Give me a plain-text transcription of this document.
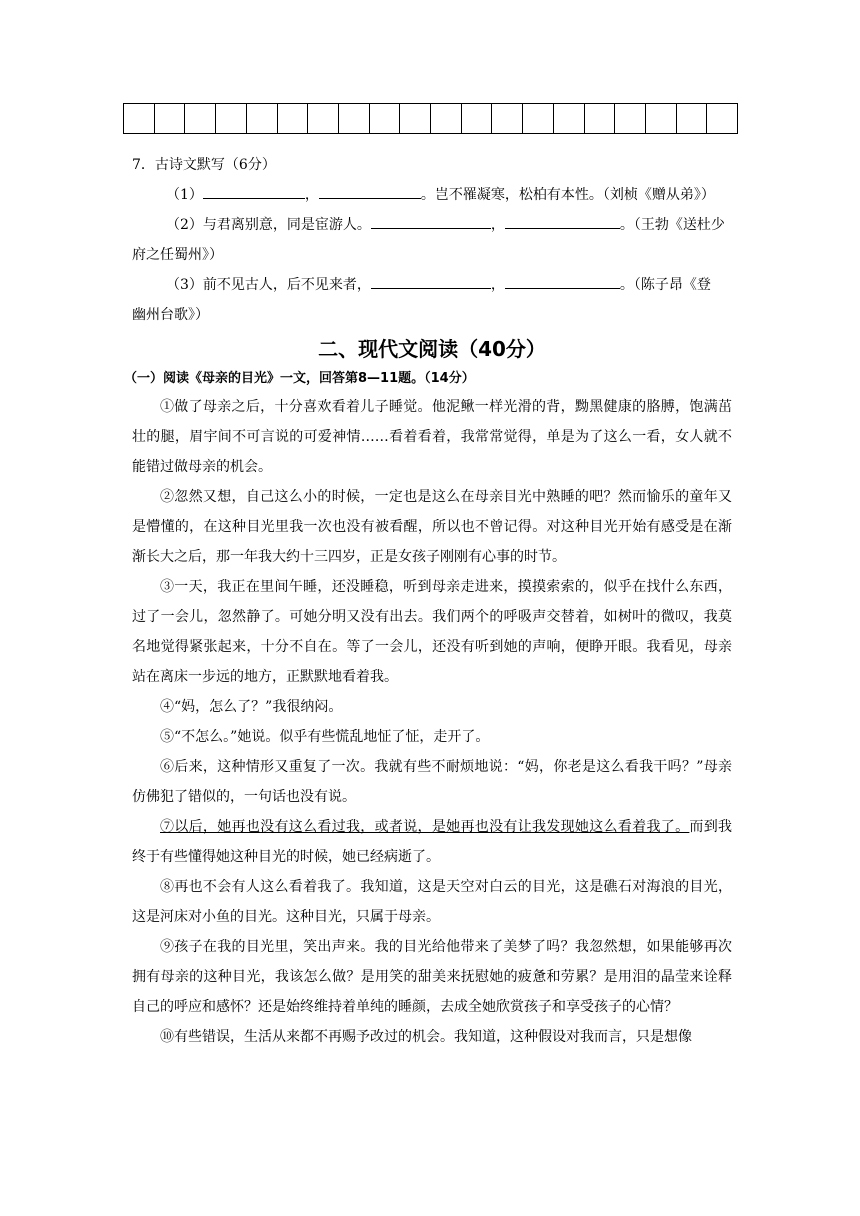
7．古诗文默写（6分）
（1）	，	。岂不罹凝寒，松柏有本性。（刘桢《赠从弟》）
（2）与君离别意，同是宦游人。	，	。（王勃《送杜少
府之任蜀州》）
（3）前不见古人，后不见来者，	，	。（陈子昂《登
幽州台歌》）
二、现代文阅读（40分）
（一）阅读《母亲的目光》一文，回答第8—11题。（14分）
①做了母亲之后，十分喜欢看着儿子睡觉。他泥鳅一样光滑的背，黝黑健康的胳膊，饱满茁壮的腿，眉宇间不可言说的可爱神情……看着看着，我常常觉得，单是为了这么一看，女人就不能错过做母亲的机会。
②忽然又想，自己这么小的时候，一定也是这么在母亲目光中熟睡的吧？然而愉乐的童年又是懵懂的，在这种目光里我一次也没有被看醒，所以也不曾记得。对这种目光开始有感受是在渐渐长大之后，那一年我大约十三四岁，正是女孩子刚刚有心事的时节。
③一天，我正在里间午睡，还没睡稳，听到母亲走进来，摸摸索索的，似乎在找什么东西，过了一会儿，忽然静了。可她分明又没有出去。我们两个的呼吸声交替着，如树叶的微叹，我莫名地觉得紧张起来，十分不自在。等了一会儿，还没有听到她的声响，便睁开眼。我看见，母亲站在离床一步远的地方，正默默地看着我。
④“妈，怎么了？”我很纳闷。
⑤“不怎么。”她说。似乎有些慌乱地怔了怔，走开了。
⑥后来，这种情形又重复了一次。我就有些不耐烦地说：“妈，你老是这么看我干吗？”母亲仿佛犯了错似的，一句话也没有说。
⑦以后，她再也没有这么看过我，或者说，是她再也没有让我发现她这么看着我了。而到我终于有些懂得她这种目光的时候，她已经病逝了。
⑧再也不会有人这么看着我了。我知道，这是天空对白云的目光，这是礁石对海浪的目光，这是河床对小鱼的目光。这种目光，只属于母亲。
⑨孩子在我的目光里，笑出声来。我的目光给他带来了美梦了吗？我忽然想，如果能够再次拥有母亲的这种目光，我该怎么做？是用笑的甜美来抚慰她的疲惫和劳累？是用泪的晶莹来诠释自己的呼应和感怀？还是始终维持着单纯的睡颜，去成全她欣赏孩子和享受孩子的心情？
⑩有些错误，生活从来都不再赐予改过的机会。我知道，这种假设对我而言，只是想像
